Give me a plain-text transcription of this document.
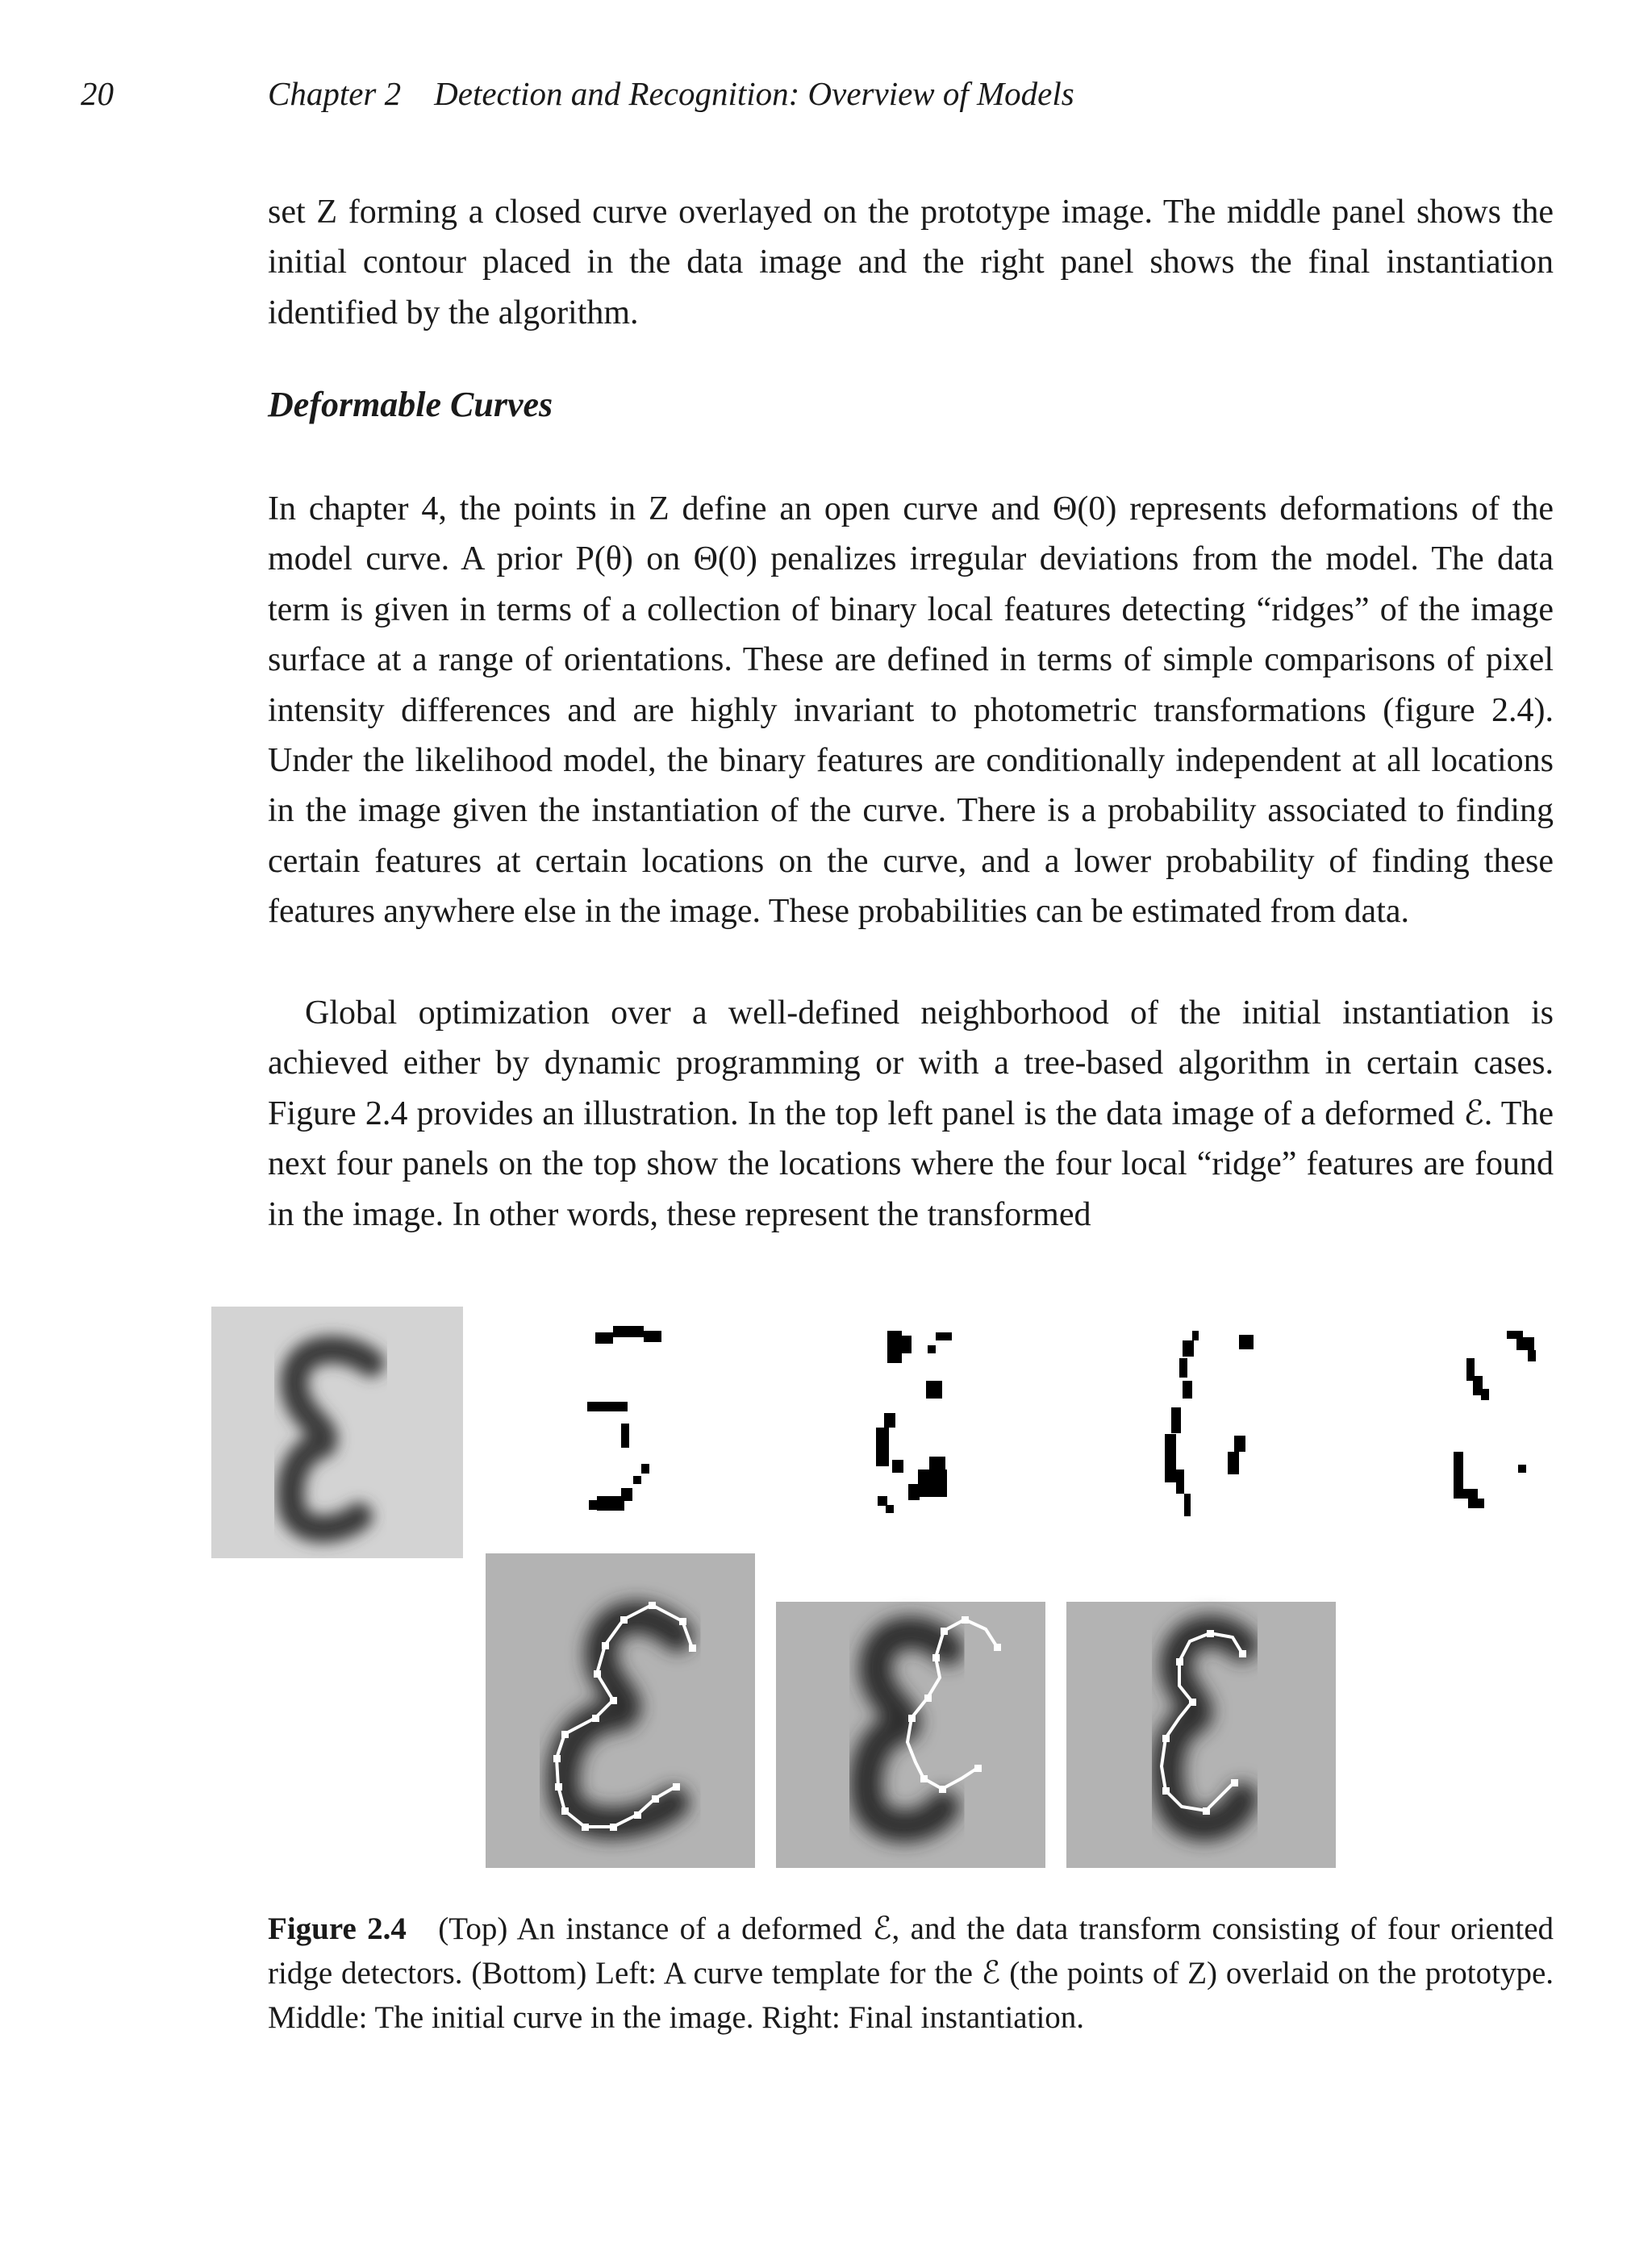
20	Chapter 2    Detection and Recognition: Overview of Models

set Z forming a closed curve overlayed on the prototype image. The middle panel shows the initial contour placed in the data image and the right panel shows the final instantiation identified by the algorithm.

Deformable Curves

In chapter 4, the points in Z define an open curve and Θ(0) represents deformations of the model curve. A prior P(θ) on Θ(0) penalizes irregular deviations from the model. The data term is given in terms of a collection of binary local features detecting “ridges” of the image surface at a range of orientations. These are defined in terms of simple comparisons of pixel intensity differences and are highly invariant to photometric transformations (figure 2.4). Under the likelihood model, the binary features are conditionally independent at all locations in the image given the instantiation of the curve. There is a probability associated to finding certain features at certain locations on the curve, and a lower probability of finding these features anywhere else in the image. These probabilities can be estimated from data.

Global optimization over a well-defined neighborhood of the initial instantiation is achieved either by dynamic programming or with a tree-based algorithm in certain cases. Figure 2.4 provides an illustration. In the top left panel is the data image of a deformed ℰ. The next four panels on the top show the locations where the four local “ridge” features are found in the image. In other words, these represent the transformed

Figure 2.4 (Top) An instance of a deformed ℰ, and the data transform consisting of four oriented ridge detectors. (Bottom) Left: A curve template for the ℰ (the points of Z) overlaid on the prototype. Middle: The initial curve in the image. Right: Final instantiation.
